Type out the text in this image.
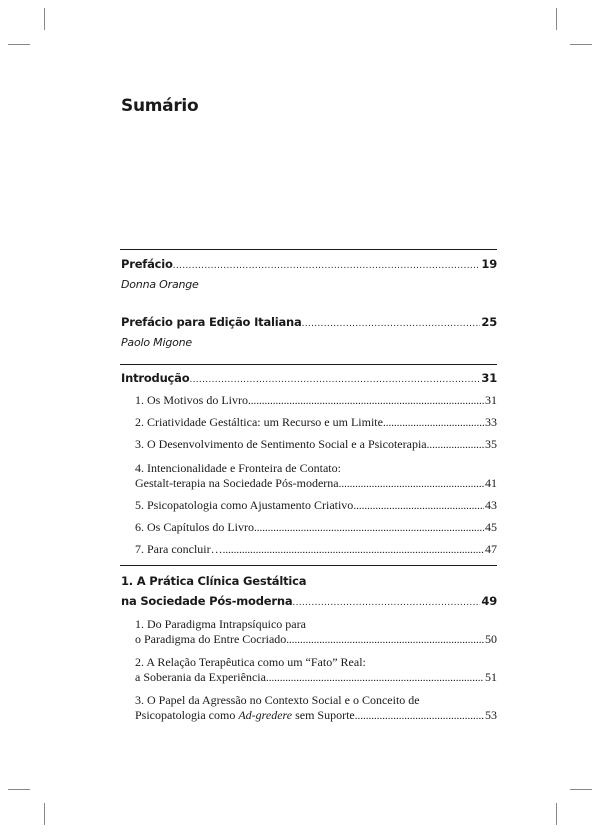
Sumário
Prefácio .....	19
Donna Orange
Prefácio para Edição Italiana .....	25
Paolo Migone
Introdução .....	31
1. Os Motivos do Livro .....	31
2. Criatividade Gestáltica: um Recurso e um Limite .....	33
3. O Desenvolvimento de Sentimento Social e a Psicoterapia .....	35
4. Intencionalidade e Fronteira de Contato:
Gestalt-terapia na Sociedade Pós-moderna .....	41
5. Psicopatologia como Ajustamento Criativo .....	43
6. Os Capítulos do Livro .....	45
7. Para concluir… .....	47
1. A Prática Clínica Gestáltica
na Sociedade Pós-moderna .....	49
1. Do Paradigma Intrapsíquico para
o Paradigma do Entre Cocriado .....	50
2. A Relação Terapêutica como um “Fato” Real:
a Soberania da Experiência .....	51
3. O Papel da Agressão no Contexto Social e o Conceito de
Psicopatologia como Ad-gredere sem Suporte .....	53
